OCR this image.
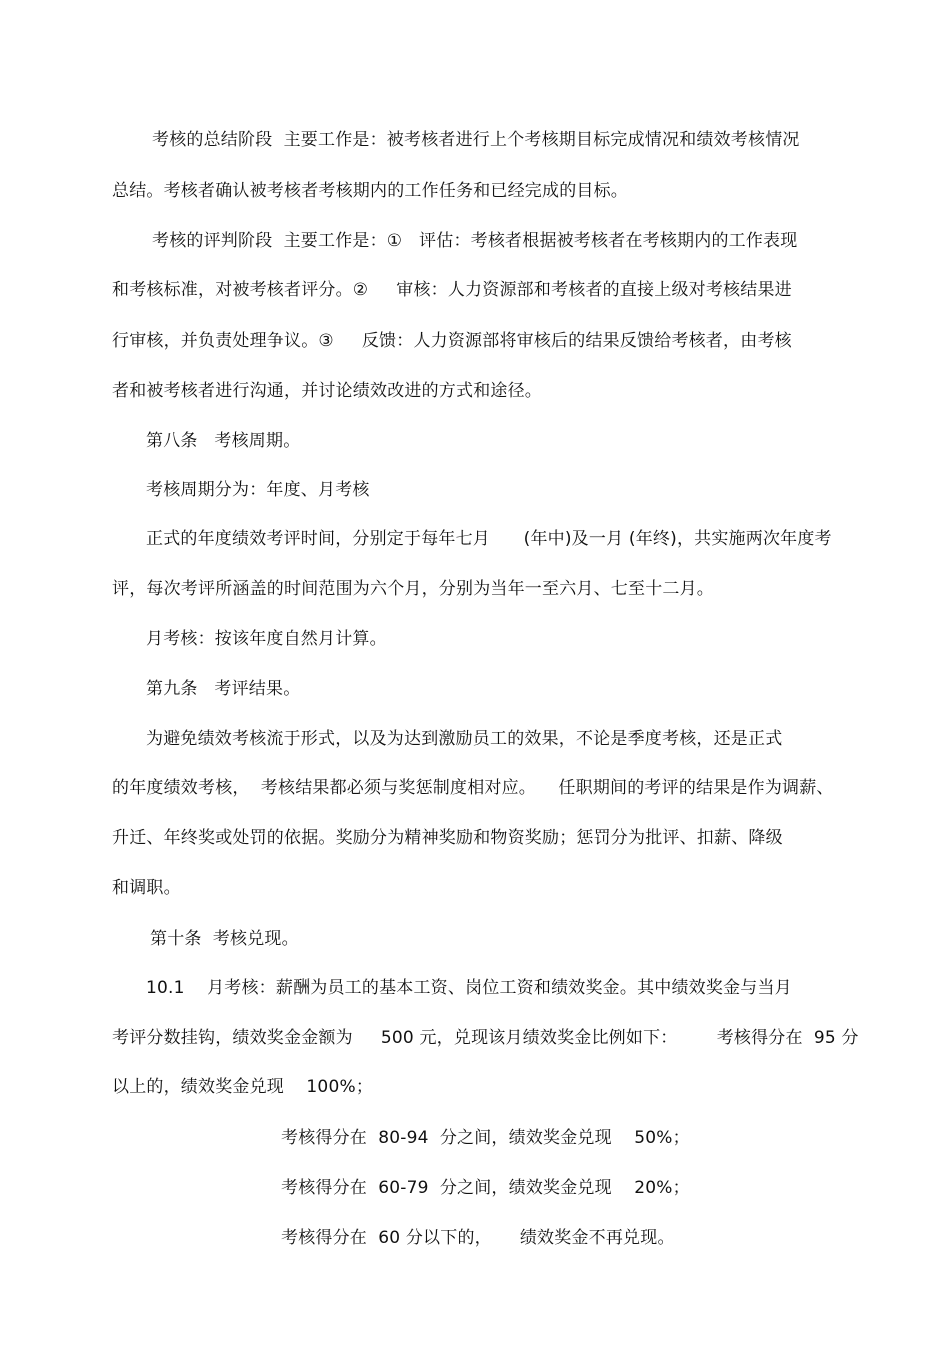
考核的总结阶段  主要工作是：被考核者进行上个考核期目标完成情况和绩效考核情况
总结。考核者确认被考核者考核期内的工作任务和已经完成的目标。
考核的评判阶段  主要工作是：①   评估：考核者根据被考核者在考核期内的工作表现
和考核标准，对被考核者评分。②     审核：人力资源部和考核者的直接上级对考核结果进
行审核，并负责处理争议。③     反馈：人力资源部将审核后的结果反馈给考核者，由考核
者和被考核者进行沟通，并讨论绩效改进的方式和途径。
第八条   考核周期。
考核周期分为：年度、月考核
正式的年度绩效考评时间，分别定于每年七月      (年中)及一月 (年终)，共实施两次年度考
评，每次考评所涵盖的时间范围为六个月，分别为当年一至六月、七至十二月。
月考核：按该年度自然月计算。
第九条   考评结果。
为避免绩效考核流于形式，以及为达到激励员工的效果，不论是季度考核，还是正式
的年度绩效考核，  考核结果都必须与奖惩制度相对应。    任职期间的考评的结果是作为调薪、
升迁、年终奖或处罚的依据。奖励分为精神奖励和物资奖励；惩罚分为批评、扣薪、降级
和调职。
第十条  考核兑现。
10.1    月考核：薪酬为员工的基本工资、岗位工资和绩效奖金。其中绩效奖金与当月
考评分数挂钩，绩效奖金金额为     500 元，兑现该月绩效奖金比例如下：       考核得分在  95 分
以上的，绩效奖金兑现    100%；
考核得分在  80-94  分之间，绩效奖金兑现    50%；
考核得分在  60-79  分之间，绩效奖金兑现    20%；
考核得分在  60 分以下的，     绩效奖金不再兑现。
